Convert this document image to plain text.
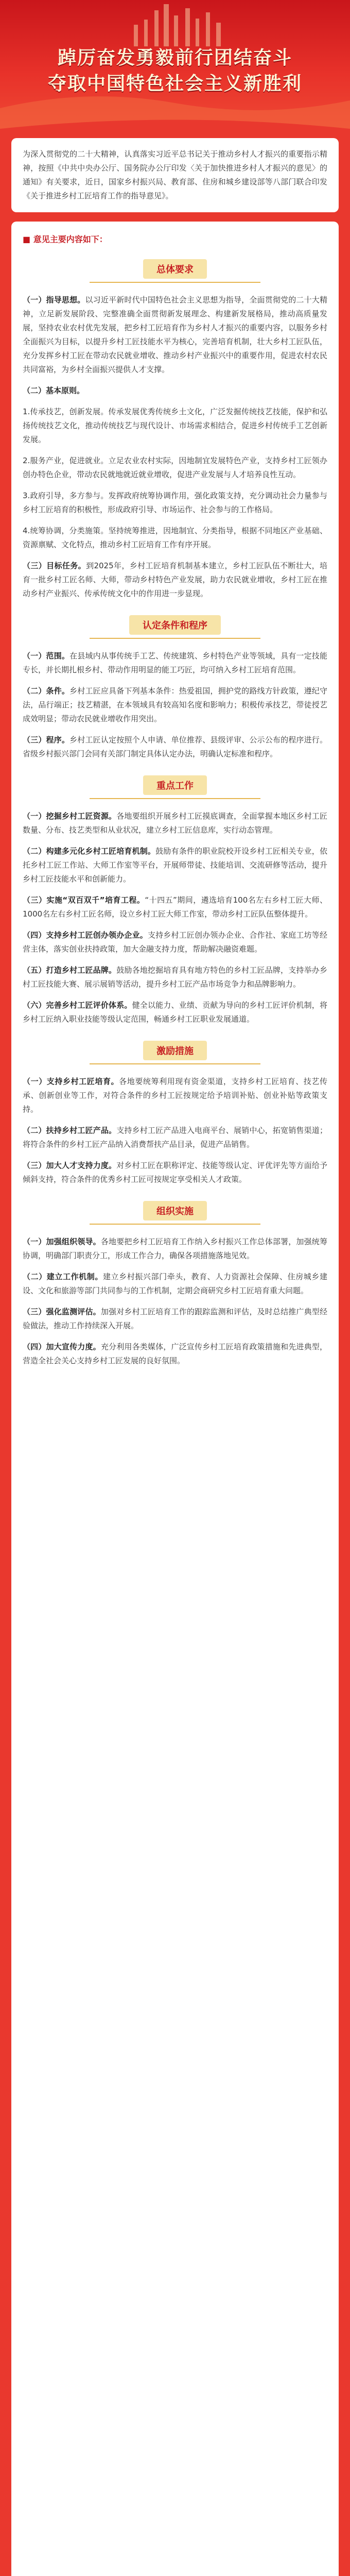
踔厉奋发勇毅前行团结奋斗
夺取中国特色社会主义新胜利
为深入贯彻党的二十大精神，认真落实习近平总书记关于推动乡村人才振兴的重要指示精神，按照《中共中央办公厅、国务院办公厅印发〈关于加快推进乡村人才振兴的意见〉的通知》有关要求，近日，国家乡村振兴局、教育部、住房和城乡建设部等八部门联合印发《关于推进乡村工匠培育工作的指导意见》。
■ 意见主要内容如下：
总体要求

（一）指导思想。以习近平新时代中国特色社会主义思想为指导，全面贯彻党的二十大精神，立足新发展阶段、完整准确全面贯彻新发展理念、构建新发展格局，推动高质量发展，坚持农业农村优先发展，把乡村工匠培育作为乡村人才振兴的重要内容，以服务乡村全面振兴为目标，以提升乡村工匠技能水平为核心，完善培育机制，壮大乡村工匠队伍，充分发挥乡村工匠在带动农民就业增收、推动乡村产业振兴中的重要作用，促进农村农民共同富裕，为乡村全面振兴提供人才支撑。

（二）基本原则。

1.传承技艺，创新发展。传承发展优秀传统乡土文化，广泛发掘传统技艺技能，保护和弘扬传统技艺文化，推动传统技艺与现代设计、市场需求相结合，促进乡村传统手工艺创新发展。

2.服务产业，促进就业。立足农业农村实际，因地制宜发展特色产业，支持乡村工匠领办创办特色企业，带动农民就地就近就业增收，促进产业发展与人才培养良性互动。

3.政府引导，多方参与。发挥政府统筹协调作用，强化政策支持，充分调动社会力量参与乡村工匠培育的积极性，形成政府引导、市场运作、社会参与的工作格局。

4.统筹协调，分类施策。坚持统筹推进，因地制宜、分类指导，根据不同地区产业基础、资源禀赋、文化特点，推动乡村工匠培育工作有序开展。

（三）目标任务。到2025年，乡村工匠培育机制基本建立，乡村工匠队伍不断壮大，培育一批乡村工匠名师、大师，带动乡村特色产业发展，助力农民就业增收，乡村工匠在推动乡村产业振兴、传承传统文化中的作用进一步显现。

认定条件和程序

（一）范围。在县域内从事传统手工艺、传统建筑、乡村特色产业等领域，具有一定技能专长，并长期扎根乡村、带动作用明显的能工巧匠，均可纳入乡村工匠培育范围。

（二）条件。乡村工匠应具备下列基本条件：热爱祖国，拥护党的路线方针政策，遵纪守法，品行端正；技艺精湛，在本领域具有较高知名度和影响力；积极传承技艺，带徒授艺成效明显；带动农民就业增收作用突出。

（三）程序。乡村工匠认定按照个人申请、单位推荐、县级评审、公示公布的程序进行。省级乡村振兴部门会同有关部门制定具体认定办法，明确认定标准和程序。

重点工作

（一）挖掘乡村工匠资源。各地要组织开展乡村工匠摸底调查，全面掌握本地区乡村工匠数量、分布、技艺类型和从业状况，建立乡村工匠信息库，实行动态管理。

（二）构建多元化乡村工匠培育机制。鼓励有条件的职业院校开设乡村工匠相关专业，依托乡村工匠工作站、大师工作室等平台，开展师带徒、技能培训、交流研修等活动，提升乡村工匠技能水平和创新能力。

（三）实施“双百双千”培育工程。“十四五”期间，遴选培育100名左右乡村工匠大师、1000名左右乡村工匠名师，设立乡村工匠大师工作室，带动乡村工匠队伍整体提升。

（四）支持乡村工匠创办领办企业。支持乡村工匠创办领办企业、合作社、家庭工坊等经营主体，落实创业扶持政策，加大金融支持力度，帮助解决融资难题。

（五）打造乡村工匠品牌。鼓励各地挖掘培育具有地方特色的乡村工匠品牌，支持举办乡村工匠技能大赛、展示展销等活动，提升乡村工匠产品市场竞争力和品牌影响力。

（六）完善乡村工匠评价体系。健全以能力、业绩、贡献为导向的乡村工匠评价机制，将乡村工匠纳入职业技能等级认定范围，畅通乡村工匠职业发展通道。

激励措施

（一）支持乡村工匠培育。各地要统筹利用现有资金渠道，支持乡村工匠培育、技艺传承、创新创业等工作，对符合条件的乡村工匠按规定给予培训补贴、创业补贴等政策支持。

（二）扶持乡村工匠产品。支持乡村工匠产品进入电商平台、展销中心，拓宽销售渠道；将符合条件的乡村工匠产品纳入消费帮扶产品目录，促进产品销售。

（三）加大人才支持力度。对乡村工匠在职称评定、技能等级认定、评优评先等方面给予倾斜支持，符合条件的优秀乡村工匠可按规定享受相关人才政策。

组织实施

（一）加强组织领导。各地要把乡村工匠培育工作纳入乡村振兴工作总体部署，加强统筹协调，明确部门职责分工，形成工作合力，确保各项措施落地见效。

（二）建立工作机制。建立乡村振兴部门牵头，教育、人力资源社会保障、住房城乡建设、文化和旅游等部门共同参与的工作机制，定期会商研究乡村工匠培育重大问题。

（三）强化监测评估。加强对乡村工匠培育工作的跟踪监测和评估，及时总结推广典型经验做法，推动工作持续深入开展。

（四）加大宣传力度。充分利用各类媒体，广泛宣传乡村工匠培育政策措施和先进典型，营造全社会关心支持乡村工匠发展的良好氛围。
